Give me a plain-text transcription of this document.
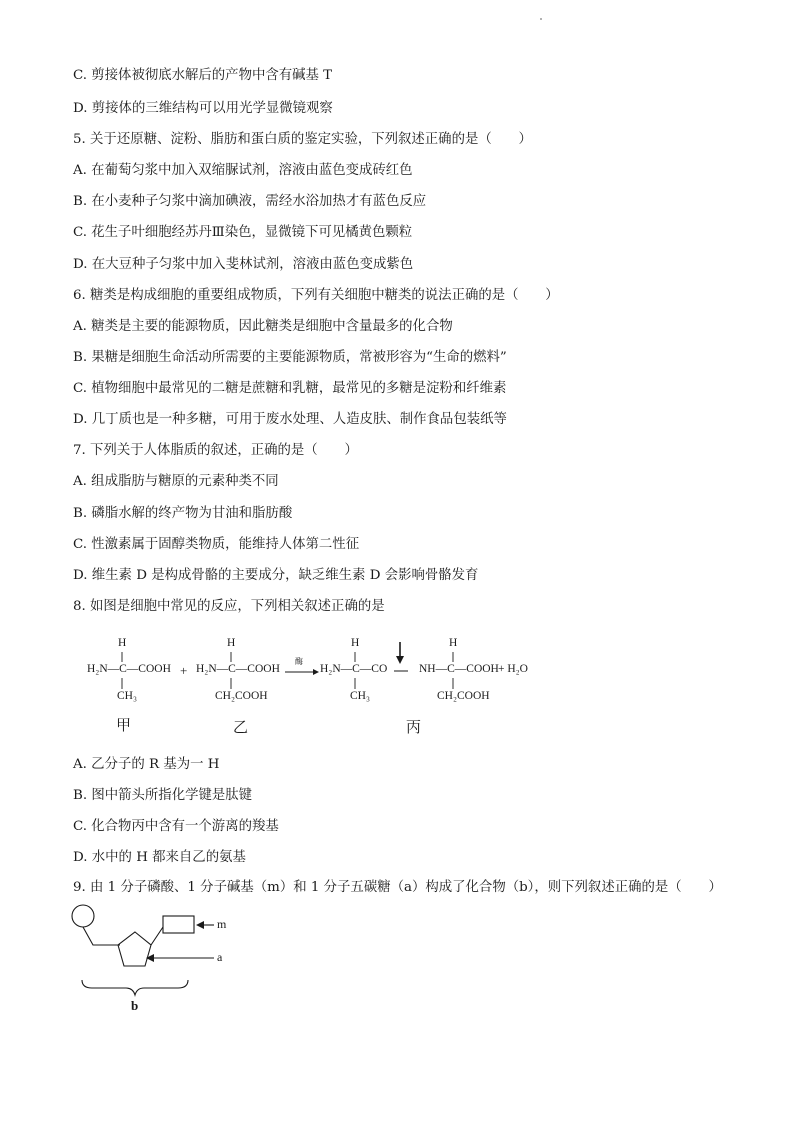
C. 剪接体被彻底水解后的产物中含有碱基 T
D. 剪接体的三维结构可以用光学显微镜观察
5. 关于还原糖、淀粉、脂肪和蛋白质的鉴定实验，下列叙述正确的是（　　）
A. 在葡萄匀浆中加入双缩脲试剂，溶液由蓝色变成砖红色
B. 在小麦种子匀浆中滴加碘液，需经水浴加热才有蓝色反应
C. 花生子叶细胞经苏丹Ⅲ染色，显微镜下可见橘黄色颗粒
D. 在大豆种子匀浆中加入斐林试剂，溶液由蓝色变成紫色
6. 糖类是构成细胞的重要组成物质，下列有关细胞中糖类的说法正确的是（　　）
A. 糖类是主要的能源物质，因此糖类是细胞中含量最多的化合物
B. 果糖是细胞生命活动所需要的主要能源物质，常被形容为“生命的燃料”
C. 植物细胞中最常见的二糖是蔗糖和乳糖，最常见的多糖是淀粉和纤维素
D. 几丁质也是一种多糖，可用于废水处理、人造皮肤、制作食品包装纸等
7. 下列关于人体脂质的叙述，正确的是（　　）
A. 组成脂肪与糖原的元素种类不同
B. 磷脂水解的终产物为甘油和脂肪酸
C. 性激素属于固醇类物质，能维持人体第二性征
D. 维生素 D 是构成骨骼的主要成分，缺乏维生素 D 会影响骨骼发育
8. 如图是细胞中常见的反应，下列相关叙述正确的是
H
H₂N—C—COOH
CH₃
+
H
H₂N—C—COOH
CH₂COOH
酶
H
H₂N—C—CO
CH₃
H
NH—C—COOH
CH₂COOH
+ H₂O
甲	乙	丙
A. 乙分子的 R 基为一 H
B. 图中箭头所指化学键是肽键
C. 化合物丙中含有一个游离的羧基
D. 水中的 H 都来自乙的氨基
9. 由 1 分子磷酸、1 分子碱基（m）和 1 分子五碳糖（a）构成了化合物（b），则下列叙述正确的是（　　）
m
a
b
